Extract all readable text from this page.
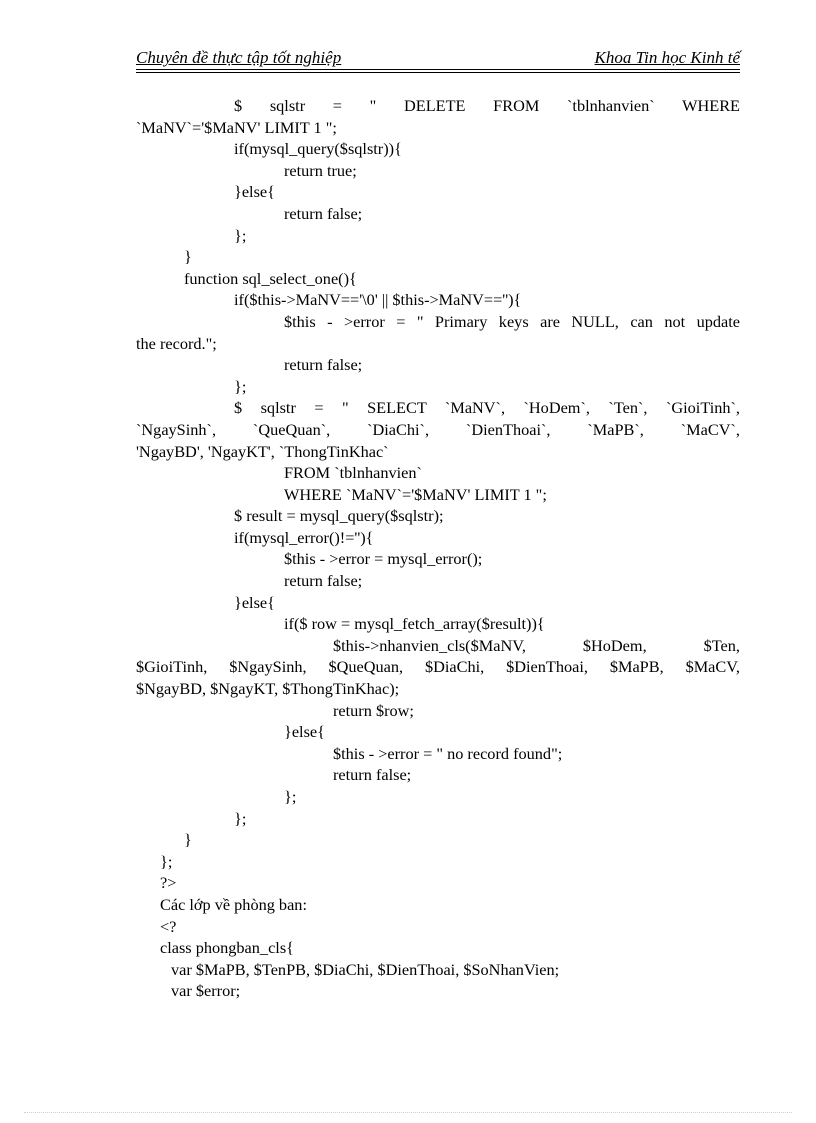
Chuyên đề thực tập tốt nghiệp	Khoa Tin học Kinh tế
$ sqlstr = " DELETE FROM `tblnhanvien` WHERE
`MaNV`='$MaNV' LIMIT 1 ";
if(mysql_query($sqlstr)){
return true;
}else{
return false;
};
}
function sql_select_one(){
if($this->MaNV=='\0' || $this->MaNV==''){
$this - >error = " Primary keys are NULL, can not update
the record.";
return false;
};
$ sqlstr = " SELECT `MaNV`, `HoDem`, `Ten`, `GioiTinh`,
`NgaySinh`, `QueQuan`, `DiaChi`, `DienThoai`, `MaPB`, `MaCV`,
'NgayBD', 'NgayKT', `ThongTinKhac`
FROM `tblnhanvien`
WHERE `MaNV`='$MaNV' LIMIT 1 ";
$ result = mysql_query($sqlstr);
if(mysql_error()!=''){
$this - >error = mysql_error();
return false;
}else{
if($ row = mysql_fetch_array($result)){
$this->nhanvien_cls($MaNV, $HoDem, $Ten,
$GioiTinh, $NgaySinh, $QueQuan, $DiaChi, $DienThoai, $MaPB, $MaCV,
$NgayBD, $NgayKT, $ThongTinKhac);
return $row;
}else{
$this - >error = " no record found";
return false;
};
};
}
};
?>
Các lớp về phòng ban:
<?
class phongban_cls{
var $MaPB, $TenPB, $DiaChi, $DienThoai, $SoNhanVien;
var $error;
